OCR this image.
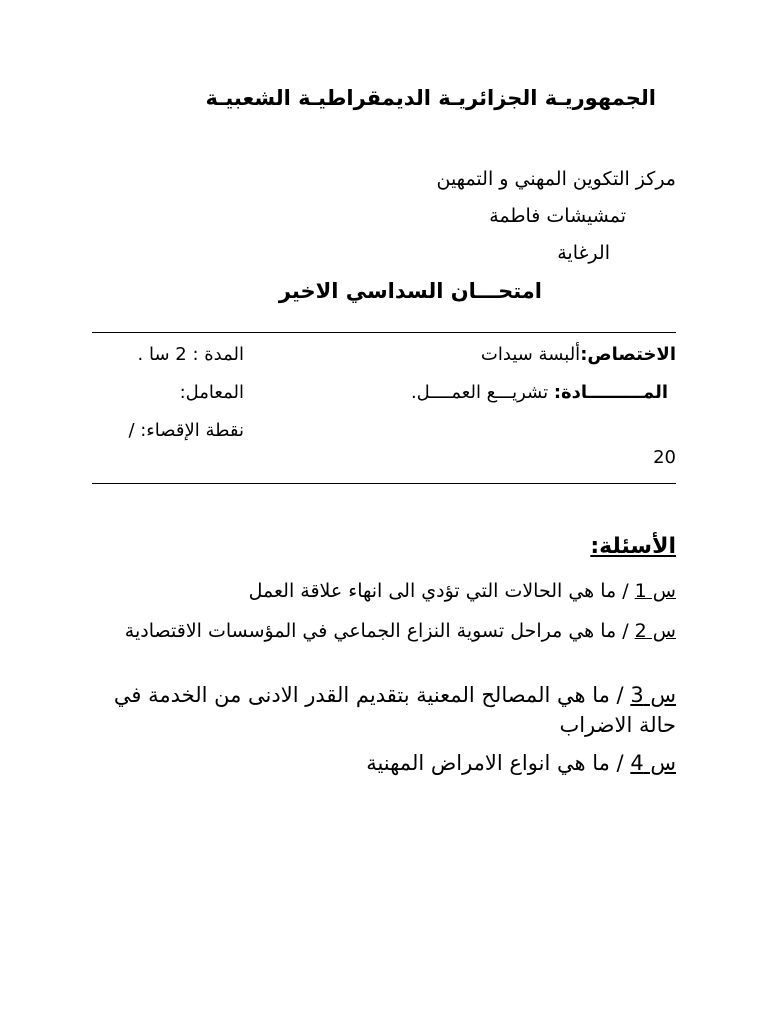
الجمهوريـة الجزائريـة الديمقراطيـة الشعبيـة
مركز التكوين المهني و التمهين
تمشيشات فاطمة
الرغاية
امتحـــان السداسي الاخير
الاختصاص:ألبسة سيدات
المدة : 2 سا .
المـــــــــادة: تشريـــع العمــــل.
المعامل:
نقطة الإقصاء: /
20
الأسئلة:
س 1 / ما هي الحالات التي تؤدي الى انهاء علاقة العمل
س 2 / ما هي مراحل تسوية النزاع الجماعي في المؤسسات الاقتصادية
س 3 / ما هي المصالح المعنية بتقديم القدر الادنى من الخدمة في حالة الاضراب
س 4 / ما هي انواع الامراض المهنية
